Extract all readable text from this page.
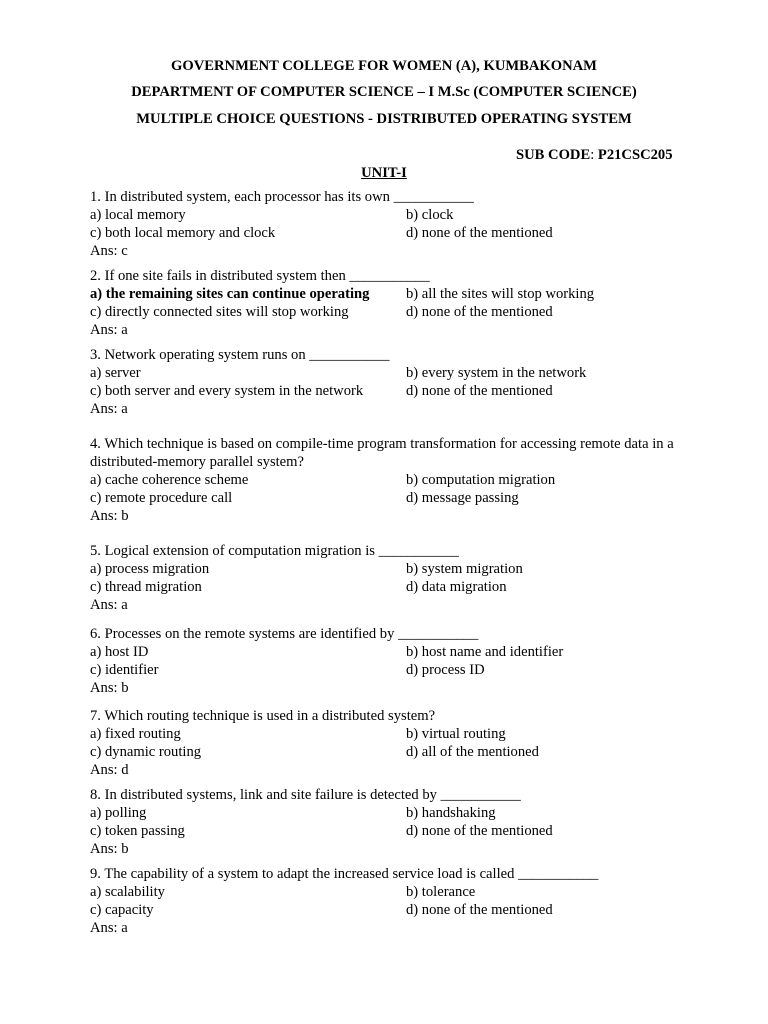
GOVERNMENT COLLEGE FOR WOMEN (A), KUMBAKONAM
DEPARTMENT OF COMPUTER SCIENCE – I M.Sc (COMPUTER SCIENCE)
MULTIPLE CHOICE QUESTIONS - DISTRIBUTED OPERATING SYSTEM
SUB CODE: P21CSC205
UNIT-I
1. In distributed system, each processor has its own ___________
a) local memory	b) clock
c) both local memory and clock	d) none of the mentioned
Ans: c
2. If one site fails in distributed system then ___________
a) the remaining sites can continue operating	b) all the sites will stop working
c) directly connected sites will stop working	d) none of the mentioned
Ans: a
3. Network operating system runs on ___________
a) server	b) every system in the network
c) both server and every system in the network	d) none of the mentioned
Ans: a
4. Which technique is based on compile-time program transformation for accessing remote data in a distributed-memory parallel system?
a) cache coherence scheme	b) computation migration
c) remote procedure call	d) message passing
Ans: b
5. Logical extension of computation migration is ___________
a) process migration	b) system migration
c) thread migration	d) data migration
Ans: a
6. Processes on the remote systems are identified by ___________
a) host ID	b) host name and identifier
c) identifier	d) process ID
Ans: b
7. Which routing technique is used in a distributed system?
a) fixed routing	b) virtual routing
c) dynamic routing	d) all of the mentioned
Ans: d
8. In distributed systems, link and site failure is detected by ___________
a) polling	b) handshaking
c) token passing	d) none of the mentioned
Ans: b
9. The capability of a system to adapt the increased service load is called ___________
a) scalability	b) tolerance
c) capacity	d) none of the mentioned
Ans: a
